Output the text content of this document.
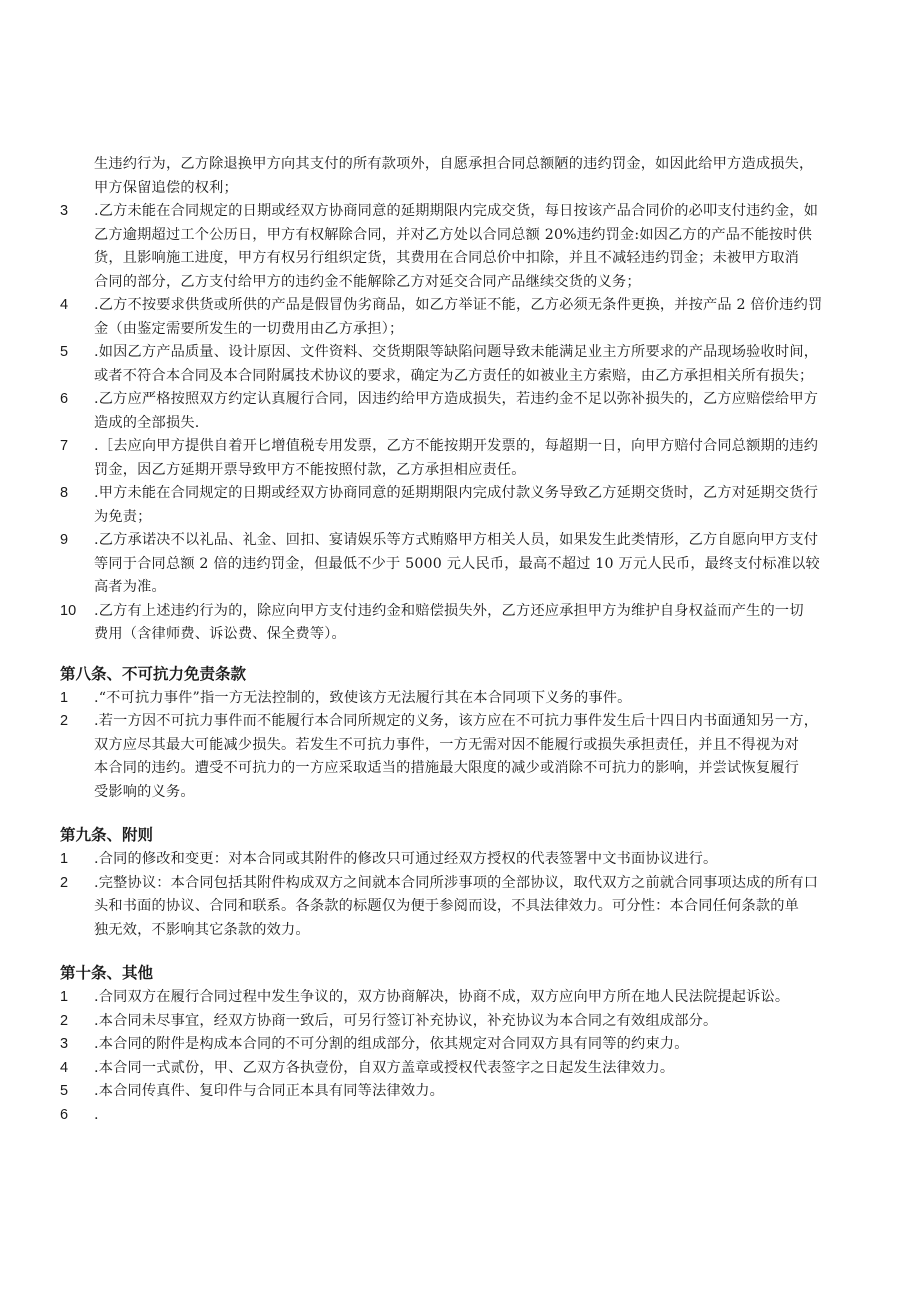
生违约行为，乙方除退换甲方向其支付的所有款项外，自愿承担合同总额陋的违约罚金，如因此给甲方造成损失，
甲方保留追偿的权利；
3 .乙方未能在合同规定的日期或经双方协商同意的延期期限内完成交货，每日按该产品合同价的必叩支付违约金，如
乙方逾期超过工个公历日，甲方有权解除合同，并对乙方处以合同总额 20%违约罚金:如因乙方的产品不能按时供
货，且影响施工进度，甲方有权另行组织定货，其费用在合同总价中扣除，并且不减轻违约罚金；未被甲方取消
合同的部分，乙方支付给甲方的违约金不能解除乙方对延交合同产品继续交货的义务；
4 .乙方不按要求供货或所供的产品是假冒伪劣商品，如乙方举证不能，乙方必须无条件更换，并按产品 2 倍价违约罚
金（由鉴定需要所发生的一切费用由乙方承担）；
5 .如因乙方产品质量、设计原因、文件资料、交货期限等缺陷问题导致未能满足业主方所要求的产品现场验收时间，
或者不符合本合同及本合同附属技术协议的要求，确定为乙方责任的如被业主方索赔，由乙方承担相关所有损失；
6 .乙方应严格按照双方约定认真履行合同，因违约给甲方造成损失，若违约金不足以弥补损失的，乙方应赔偿给甲方
造成的全部损失.
7 .［去应向甲方提供自着开匕增值税专用发票，乙方不能按期开发票的，每超期一日，向甲方赔付合同总额期的违约
罚金，因乙方延期开票导致甲方不能按照付款，乙方承担相应责任。
8 .甲方未能在合同规定的日期或经双方协商同意的延期期限内完成付款义务导致乙方延期交货时，乙方对延期交货行
为免责；
9 .乙方承诺决不以礼品、礼金、回扣、宴请娱乐等方式贿赂甲方相关人员，如果发生此类情形，乙方自愿向甲方支付
等同于合同总额 2 倍的违约罚金，但最低不少于 5000 元人民币，最高不超过 10 万元人民币，最终支付标准以较
高者为准。
10 .乙方有上述违约行为的，除应向甲方支付违约金和赔偿损失外，乙方还应承担甲方为维护自身权益而产生的一切
费用（含律师费、诉讼费、保全费等）。
第八条、不可抗力免责条款
1 .“不可抗力事件”指一方无法控制的，致使该方无法履行其在本合同项下义务的事件。
2 .若一方因不可抗力事件而不能履行本合同所规定的义务，该方应在不可抗力事件发生后十四日内书面通知另一方，
双方应尽其最大可能减少损失。若发生不可抗力事件，一方无需对因不能履行或损失承担责任，并且不得视为对
本合同的违约。遭受不可抗力的一方应采取适当的措施最大限度的减少或消除不可抗力的影响，并尝试恢复履行
受影响的义务。
第九条、附则
1 .合同的修改和变更：对本合同或其附件的修改只可通过经双方授权的代表签署中文书面协议进行。
2 .完整协议：本合同包括其附件构成双方之间就本合同所涉事项的全部协议，取代双方之前就合同事项达成的所有口
头和书面的协议、合同和联系。各条款的标题仅为便于参阅而设，不具法律效力。可分性：本合同任何条款的单
独无效，不影响其它条款的效力。
第十条、其他
1 .合同双方在履行合同过程中发生争议的，双方协商解决，协商不成，双方应向甲方所在地人民法院提起诉讼。
2 .本合同未尽事宜，经双方协商一致后，可另行签订补充协议，补充协议为本合同之有效组成部分。
3 .本合同的附件是构成本合同的不可分割的组成部分，依其规定对合同双方具有同等的约束力。
4 .本合同一式贰份，甲、乙双方各执壹份，自双方盖章或授权代表签字之日起发生法律效力。
5 .本合同传真件、复印件与合同正本具有同等法律效力。
6 .
